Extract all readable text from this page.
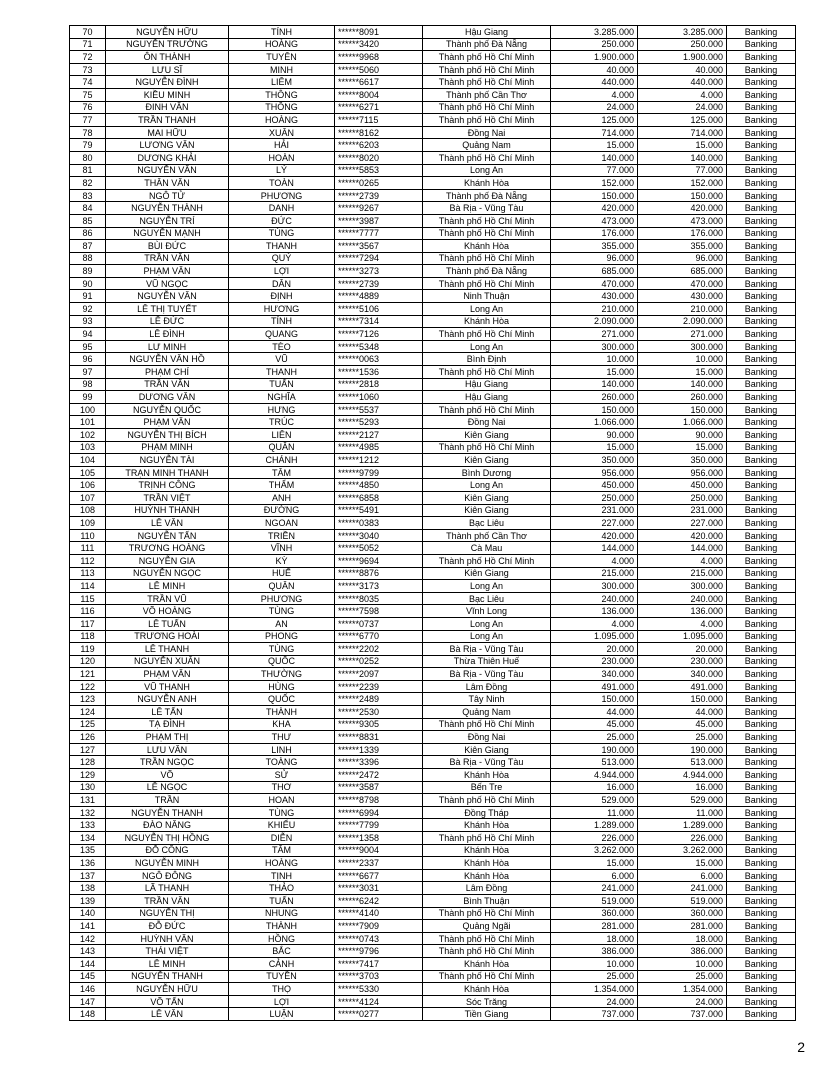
70	NGUYỄN HỮU	TÍNH	******8091	Hậu Giang	3.285.000	3.285.000	Banking
71	NGUYỄN TRƯỜNG	HOÀNG	******3420	Thành phố Đà Nẵng	250.000	250.000	Banking
72	ÔN THÀNH	TUYÊN	******9968	Thành phố Hồ Chí Minh	1.900.000	1.900.000	Banking
73	LƯU SĨ	MINH	******5060	Thành phố Hồ Chí Minh	40.000	40.000	Banking
74	NGUYỄN ĐÌNH	LIÊM	******6617	Thành phố Hồ Chí Minh	440.000	440.000	Banking
75	KIỀU MINH	THÔNG	******8004	Thành phố Cần Thơ	4.000	4.000	Banking
76	ĐINH VĂN	THÔNG	******6271	Thành phố Hồ Chí Minh	24.000	24.000	Banking
77	TRẦN THANH	HOÀNG	******7115	Thành phố Hồ Chí Minh	125.000	125.000	Banking
78	MAI HỮU	XUÂN	******8162	Đồng Nai	714.000	714.000	Banking
79	LƯƠNG VĂN	HẢI	******6203	Quảng Nam	15.000	15.000	Banking
80	DƯƠNG KHẢI	HOÀN	******8020	Thành phố Hồ Chí Minh	140.000	140.000	Banking
81	NGUYỄN VĂN	LÝ	******5853	Long An	77.000	77.000	Banking
82	THÂN VĂN	TOÀN	******0265	Khánh Hòa	152.000	152.000	Banking
83	NGÔ TỬ	PHƯƠNG	******2739	Thành phố Đà Nẵng	150.000	150.000	Banking
84	NGUYỄN THÀNH	DANH	******9267	Bà Rịa - Vũng Tàu	420.000	420.000	Banking
85	NGUYỄN TRÍ	ĐỨC	******3987	Thành phố Hồ Chí Minh	473.000	473.000	Banking
86	NGUYỄN MẠNH	TÙNG	******7777	Thành phố Hồ Chí Minh	176.000	176.000	Banking
87	BÙI ĐỨC	THANH	******3567	Khánh Hòa	355.000	355.000	Banking
88	TRẦN VĂN	QUÝ	******7294	Thành phố Hồ Chí Minh	96.000	96.000	Banking
89	PHẠM VĂN	LỢI	******3273	Thành phố Đà Nẵng	685.000	685.000	Banking
90	VŨ NGỌC	DÂN	******2739	Thành phố Hồ Chí Minh	470.000	470.000	Banking
91	NGUYỄN VĂN	ĐỊNH	******4889	Ninh Thuận	430.000	430.000	Banking
92	LÊ THỊ TUYẾT	HƯƠNG	******5106	Long An	210.000	210.000	Banking
93	LÊ ĐỨC	TÍNH	******7314	Khánh Hòa	2.090.000	2.090.000	Banking
94	LÊ ĐÌNH	QUANG	******7126	Thành phố Hồ Chí Minh	271.000	271.000	Banking
95	LƯ MINH	TÈO	******5348	Long An	300.000	300.000	Banking
96	NGUYỄN VĂN HỒ	VŨ	******0063	Bình Định	10.000	10.000	Banking
97	PHẠM CHÍ	THANH	******1536	Thành phố Hồ Chí Minh	15.000	15.000	Banking
98	TRẦN VĂN	TUẤN	******2818	Hậu Giang	140.000	140.000	Banking
99	DƯƠNG VĂN	NGHĨA	******1060	Hậu Giang	260.000	260.000	Banking
100	NGUYỄN QUỐC	HƯNG	******5537	Thành phố Hồ Chí Minh	150.000	150.000	Banking
101	PHẠM VĂN	TRÚC	******5293	Đồng Nai	1.066.000	1.066.000	Banking
102	NGUYỄN THỊ BÍCH	LIÊN	******2127	Kiên Giang	90.000	90.000	Banking
103	PHẠM MINH	QUÂN	******4985	Thành phố Hồ Chí Minh	15.000	15.000	Banking
104	NGUYỄN TÀI	CHÁNH	******1212	Kiên Giang	350.000	350.000	Banking
105	TRẠN MINH THANH	TÂM	******9799	Bình Dương	956.000	956.000	Banking
106	TRỊNH CÔNG	THẨM	******4850	Long An	450.000	450.000	Banking
107	TRẦN VIỆT	ANH	******6858	Kiên Giang	250.000	250.000	Banking
108	HUỲNH THANH	ĐƯỜNG	******5491	Kiên Giang	231.000	231.000	Banking
109	LÊ VĂN	NGOAN	******0383	Bạc Liêu	227.000	227.000	Banking
110	NGUYỄN TẤN	TRIỀN	******3040	Thành phố Cần Thơ	420.000	420.000	Banking
111	TRƯƠNG HOÀNG	VĨNH	******5052	Cà Mau	144.000	144.000	Banking
112	NGUYỄN GIA	KỲ	******9694	Thành phố Hồ Chí Minh	4.000	4.000	Banking
113	NGUYỄN NGỌC	HUẾ	******8876	Kiên Giang	215.000	215.000	Banking
114	LÊ MINH	QUÂN	******3173	Long An	300.000	300.000	Banking
115	TRẦN VŨ	PHƯƠNG	******8035	Bạc Liêu	240.000	240.000	Banking
116	VÕ HOÀNG	TÙNG	******7598	Vĩnh Long	136.000	136.000	Banking
117	LÊ TUẤN	AN	******0737	Long An	4.000	4.000	Banking
118	TRƯƠNG HOÀI	PHONG	******6770	Long An	1.095.000	1.095.000	Banking
119	LÊ THANH	TÙNG	******2202	Bà Rịa - Vũng Tàu	20.000	20.000	Banking
120	NGUYỄN XUÂN	QUỐC	******0252	Thừa Thiên Huế	230.000	230.000	Banking
121	PHẠM VĂN	THƯỜNG	******2097	Bà Rịa - Vũng Tàu	340.000	340.000	Banking
122	VŨ THANH	HÙNG	******2239	Lâm Đồng	491.000	491.000	Banking
123	NGUYỄN ANH	QUỐC	******2489	Tây Ninh	150.000	150.000	Banking
124	LÊ TẤN	THÀNH	******2530	Quảng Nam	44.000	44.000	Banking
125	TẠ ĐÌNH	KHA	******9305	Thành phố Hồ Chí Minh	45.000	45.000	Banking
126	PHẠM THỊ	THƯ	******8831	Đồng Nai	25.000	25.000	Banking
127	LƯU VĂN	LINH	******1339	Kiên Giang	190.000	190.000	Banking
128	TRẦN NGỌC	TOÀNG	******3396	Bà Rịa - Vũng Tàu	513.000	513.000	Banking
129	VÕ	SỬ	******2472	Khánh Hòa	4.944.000	4.944.000	Banking
130	LÊ NGỌC	THƠ	******3587	Bến Tre	16.000	16.000	Banking
131	TRẦN	HOAN	******8798	Thành phố Hồ Chí Minh	529.000	529.000	Banking
132	NGUYỄN THANH	TÙNG	******6994	Đồng Tháp	11.000	11.000	Banking
133	ĐÀO NĂNG	KHIỂU	******7799	Khánh Hòa	1.289.000	1.289.000	Banking
134	NGUYỄN THỊ HỒNG	DIỄN	******1358	Thành phố Hồ Chí Minh	226.000	226.000	Banking
135	ĐỖ CÔNG	TÂM	******9004	Khánh Hòa	3.262.000	3.262.000	Banking
136	NGUYỄN MINH	HOÀNG	******2337	Khánh Hòa	15.000	15.000	Banking
137	NGÔ ĐÔNG	TỊNH	******6677	Khánh Hòa	6.000	6.000	Banking
138	LÃ THANH	THẢO	******3031	Lâm Đồng	241.000	241.000	Banking
139	TRẦN VĂN	TUẤN	******6242	Bình Thuận	519.000	519.000	Banking
140	NGUYỄN THỊ	NHUNG	******4140	Thành phố Hồ Chí Minh	360.000	360.000	Banking
141	ĐỖ ĐỨC	THÀNH	******7909	Quảng Ngãi	281.000	281.000	Banking
142	HUỲNH VĂN	HỒNG	******0743	Thành phố Hồ Chí Minh	18.000	18.000	Banking
143	THÁI VIỆT	BẮC	******9796	Thành phố Hồ Chí Minh	386.000	386.000	Banking
144	LÊ MINH	CẢNH	******7417	Khánh Hòa	10.000	10.000	Banking
145	NGUYỄN THANH	TUYỀN	******3703	Thành phố Hồ Chí Minh	25.000	25.000	Banking
146	NGUYỄN HỮU	THỌ	******5330	Khánh Hòa	1.354.000	1.354.000	Banking
147	VÕ TẤN	LỢI	******4124	Sóc Trăng	24.000	24.000	Banking
148	LÊ VĂN	LUẬN	******0277	Tiền Giang	737.000	737.000	Banking
2
